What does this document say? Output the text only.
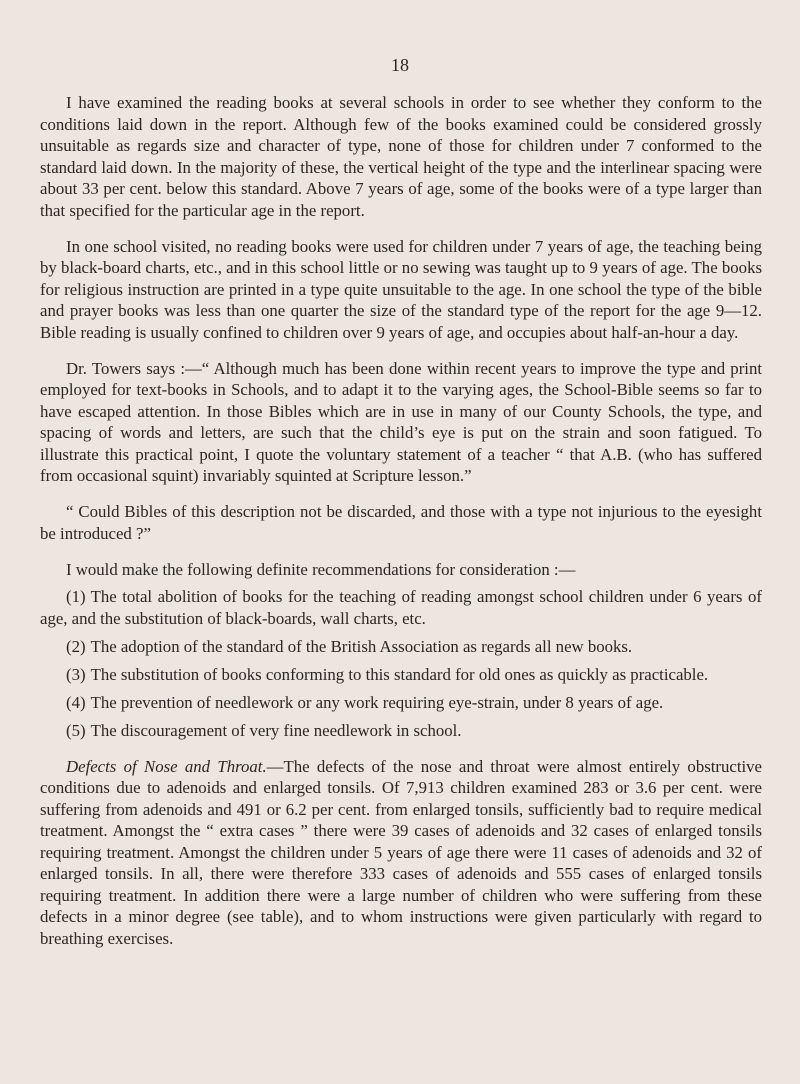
18

I have examined the reading books at several schools in order to see whether they conform to the conditions laid down in the report. Although few of the books examined could be considered grossly unsuitable as regards size and character of type, none of those for children under 7 conformed to the standard laid down. In the majority of these, the vertical height of the type and the interlinear spacing were about 33 per cent. below this standard. Above 7 years of age, some of the books were of a type larger than that specified for the particular age in the report.

In one school visited, no reading books were used for children under 7 years of age, the teaching being by black-board charts, etc., and in this school little or no sewing was taught up to 9 years of age. The books for religious instruction are printed in a type quite unsuitable to the age. In one school the type of the bible and prayer books was less than one quarter the size of the standard type of the report for the age 9—12. Bible reading is usually confined to children over 9 years of age, and occupies about half-an-hour a day.

Dr. Towers says :—“ Although much has been done within recent years to improve the type and print employed for text-books in Schools, and to adapt it to the varying ages, the School-Bible seems so far to have escaped attention. In those Bibles which are in use in many of our County Schools, the type, and spacing of words and letters, are such that the child’s eye is put on the strain and soon fatigued. To illustrate this practical point, I quote the voluntary statement of a teacher “ that A.B. (who has suffered from occasional squint) invariably squinted at Scripture lesson.”

“ Could Bibles of this description not be discarded, and those with a type not injurious to the eyesight be introduced ?”

I would make the following definite recommendations for consideration :—

(1) The total abolition of books for the teaching of reading amongst school children under 6 years of age, and the substitution of black-boards, wall charts, etc.
(2) The adoption of the standard of the British Association as regards all new books.
(3) The substitution of books conforming to this standard for old ones as quickly as practicable.
(4) The prevention of needlework or any work requiring eye-strain, under 8 years of age.
(5) The discouragement of very fine needlework in school.

Defects of Nose and Throat.—The defects of the nose and throat were almost entirely obstructive conditions due to adenoids and enlarged tonsils. Of 7,913 children examined 283 or 3.6 per cent. were suffering from adenoids and 491 or 6.2 per cent. from enlarged tonsils, sufficiently bad to require medical treatment. Amongst the “ extra cases ” there were 39 cases of adenoids and 32 cases of enlarged tonsils requiring treatment. Amongst the children under 5 years of age there were 11 cases of adenoids and 32 of enlarged tonsils. In all, there were therefore 333 cases of adenoids and 555 cases of enlarged tonsils requiring treatment. In addition there were a large number of children who were suffering from these defects in a minor degree (see table), and to whom instructions were given particularly with regard to breathing exercises.
